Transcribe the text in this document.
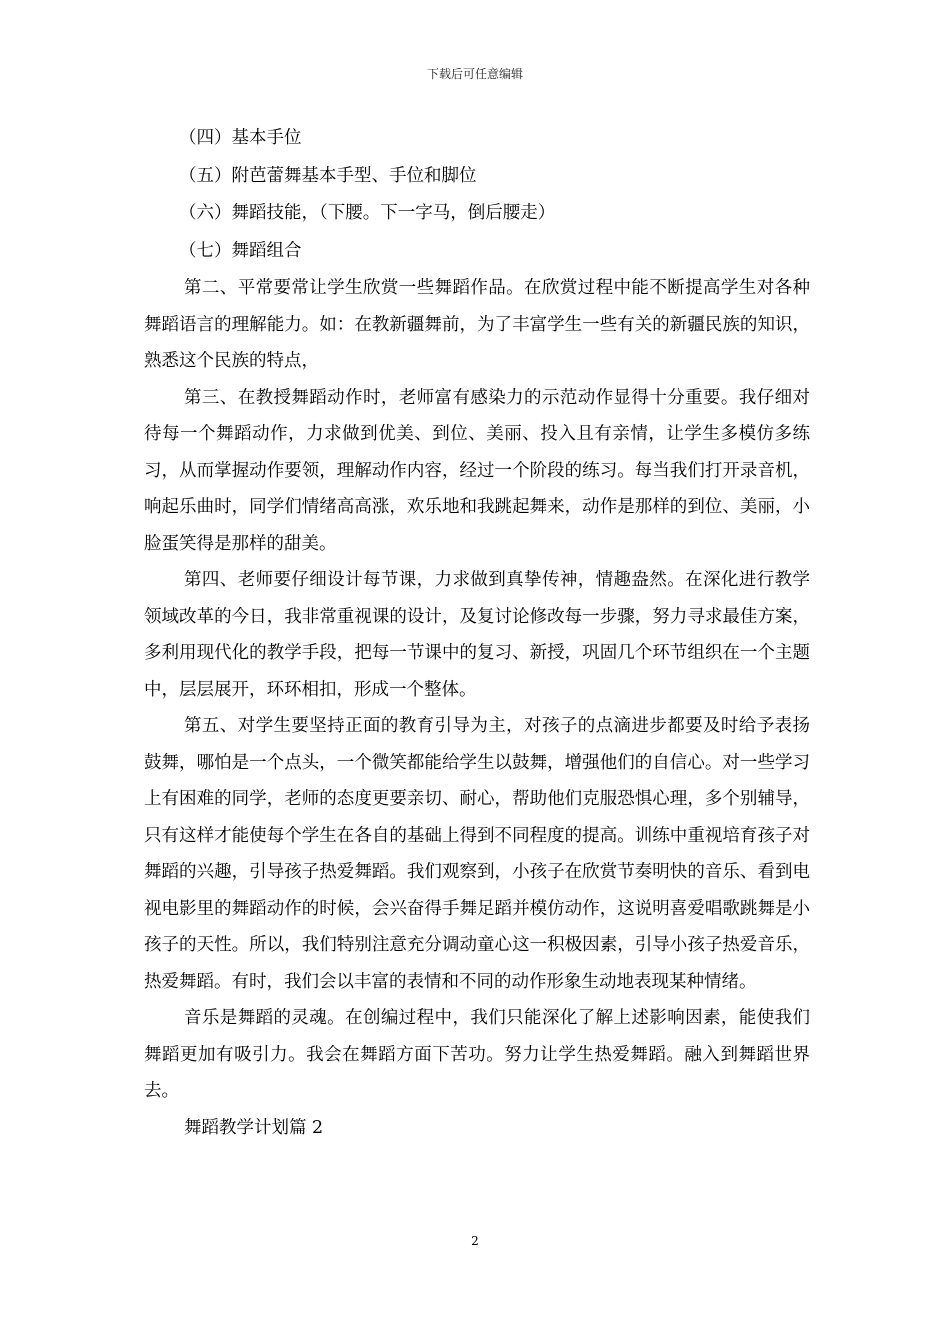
下载后可任意编辑
（四）基本手位
（五）附芭蕾舞基本手型、手位和脚位
（六）舞蹈技能，（下腰。下一字马，倒后腰走）
（七）舞蹈组合

第二、平常要常让学生欣赏一些舞蹈作品。在欣赏过程中能不断提高学生对各种舞蹈语言的理解能力。如：在教新疆舞前，为了丰富学生一些有关的新疆民族的知识，熟悉这个民族的特点，

第三、在教授舞蹈动作时，老师富有感染力的示范动作显得十分重要。我仔细对待每一个舞蹈动作，力求做到优美、到位、美丽、投入且有亲情，让学生多模仿多练习，从而掌握动作要领，理解动作内容，经过一个阶段的练习。每当我们打开录音机，响起乐曲时，同学们情绪高高涨，欢乐地和我跳起舞来，动作是那样的到位、美丽，小脸蛋笑得是那样的甜美。

第四、老师要仔细设计每节课，力求做到真挚传神，情趣盎然。在深化进行教学领域改革的今日，我非常重视课的设计，及复讨论修改每一步骤，努力寻求最佳方案，多利用现代化的教学手段，把每一节课中的复习、新授，巩固几个环节组织在一个主题中，层层展开，环环相扣，形成一个整体。

第五、对学生要坚持正面的教育引导为主，对孩子的点滴进步都要及时给予表扬鼓舞，哪怕是一个点头，一个微笑都能给学生以鼓舞，增强他们的自信心。对一些学习上有困难的同学，老师的态度更要亲切、耐心，帮助他们克服恐惧心理，多个别辅导，只有这样才能使每个学生在各自的基础上得到不同程度的提高。训练中重视培育孩子对舞蹈的兴趣，引导孩子热爱舞蹈。我们观察到，小孩子在欣赏节奏明快的音乐、看到电视电影里的舞蹈动作的时候，会兴奋得手舞足蹈并模仿动作，这说明喜爱唱歌跳舞是小孩子的天性。所以，我们特别注意充分调动童心这一积极因素，引导小孩子热爱音乐，热爱舞蹈。有时，我们会以丰富的表情和不同的动作形象生动地表现某种情绪。

音乐是舞蹈的灵魂。在创编过程中，我们只能深化了解上述影响因素，能使我们舞蹈更加有吸引力。我会在舞蹈方面下苦功。努力让学生热爱舞蹈。融入到舞蹈世界去。

舞蹈教学计划篇 2
2
